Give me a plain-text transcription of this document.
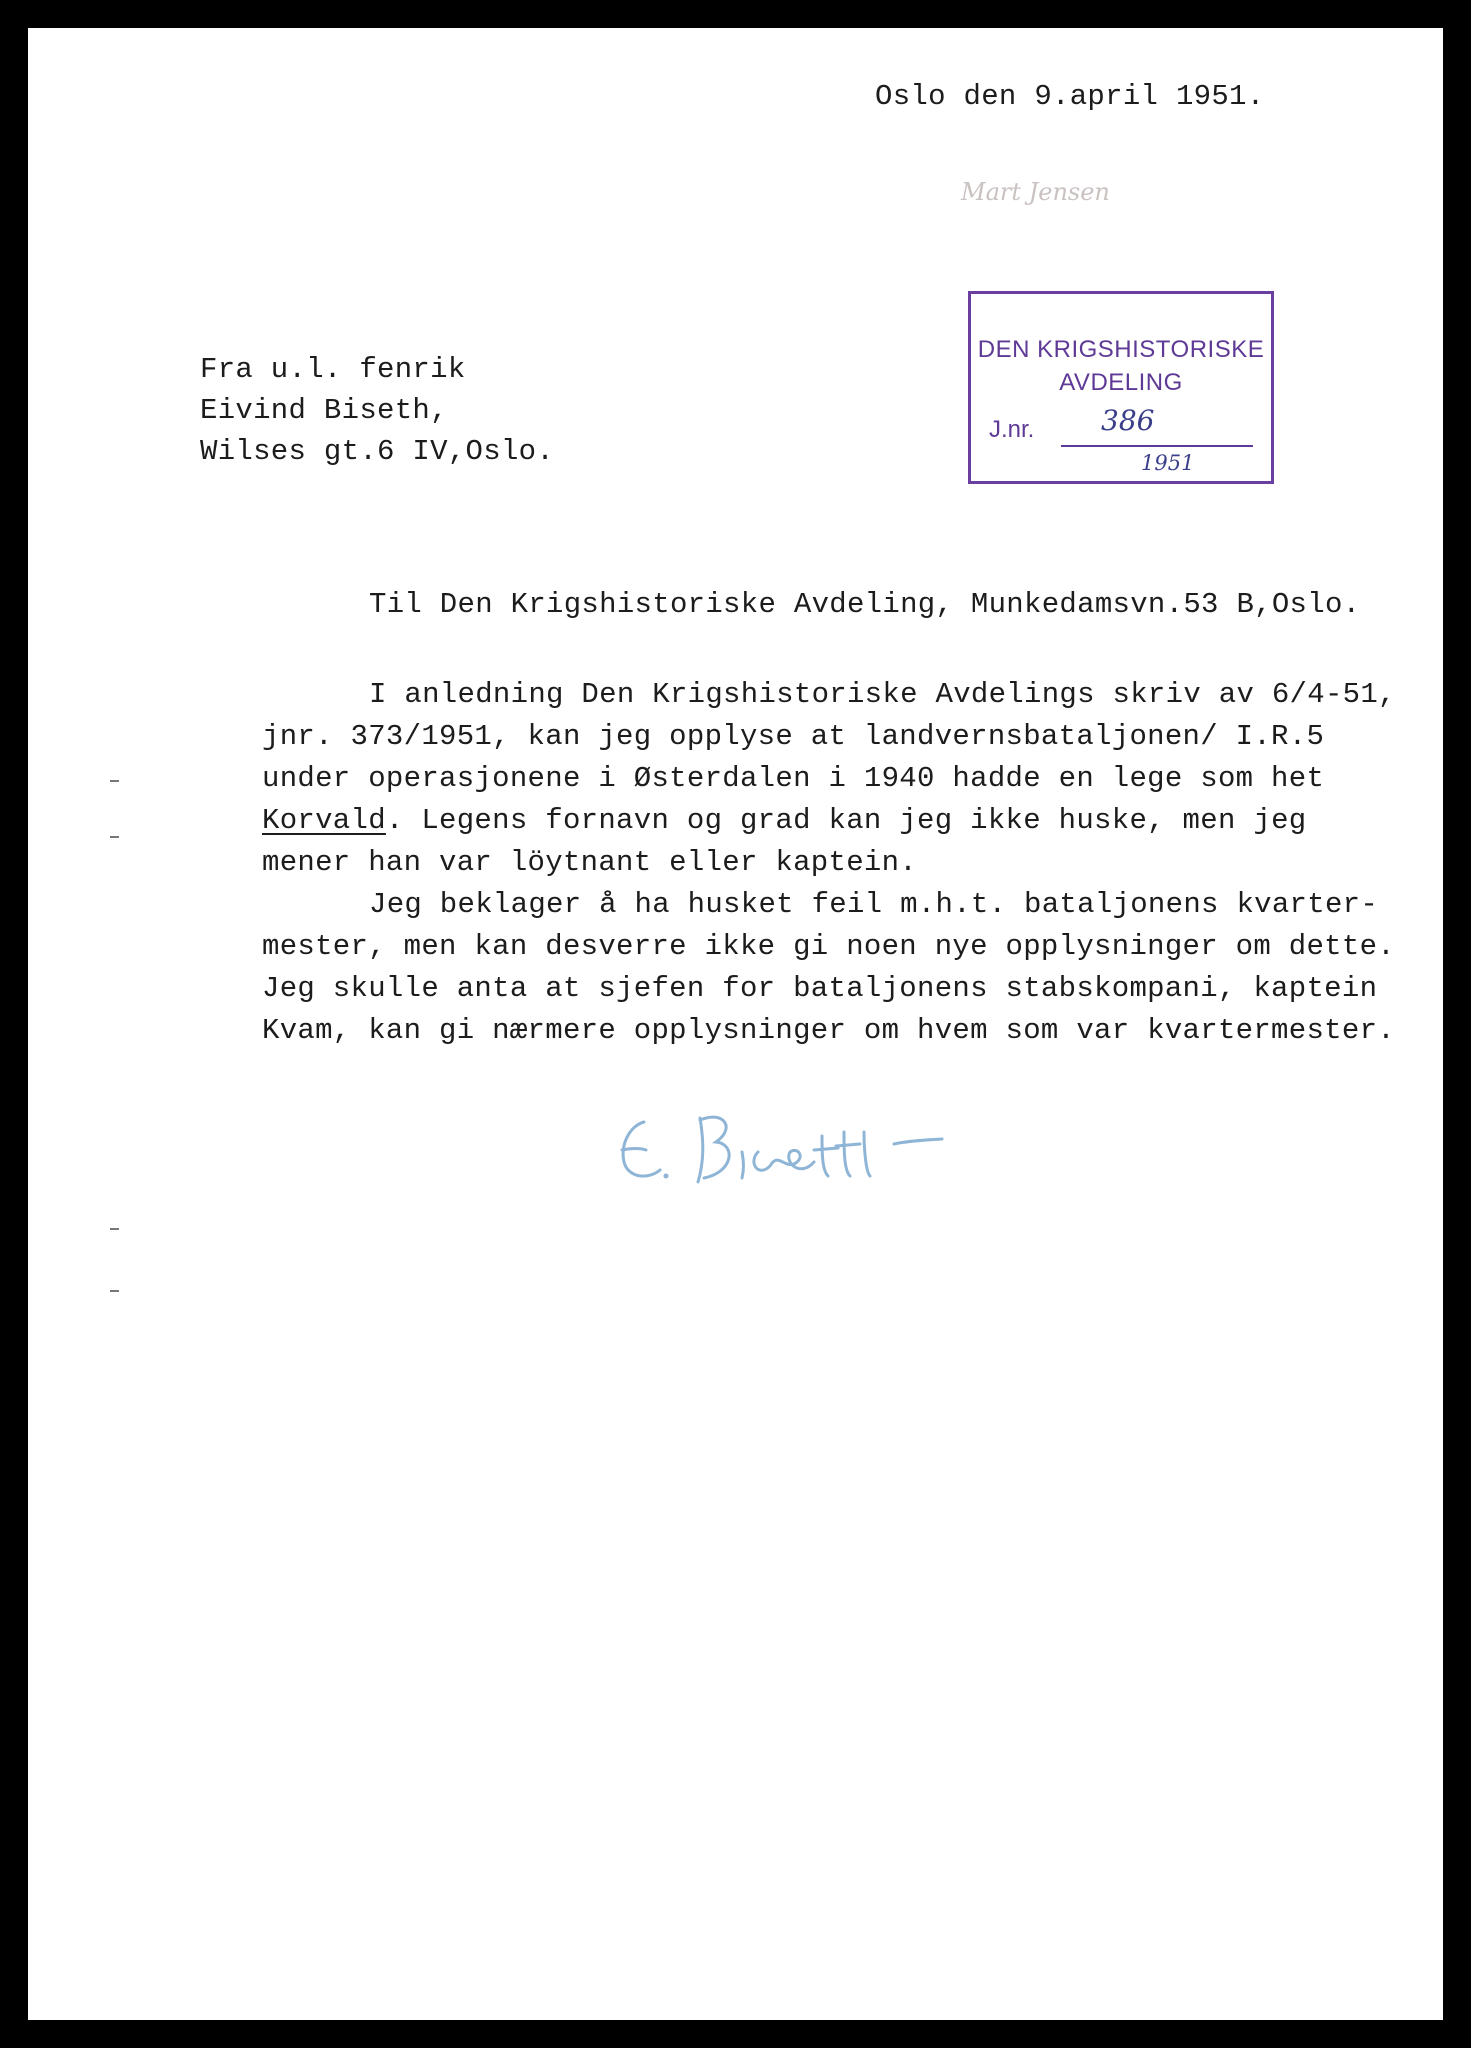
Oslo den 9.april 1951.
Mart Jensen
DEN KRIGSHISTORISKE
AVDELING
J.nr. 386
1951
Fra u.l. fenrik
Eivind Biseth,
Wilses gt.6 IV,Oslo.
Til Den Krigshistoriske Avdeling, Munkedamsvn.53 B,Oslo.
I anledning Den Krigshistoriske Avdelings skriv av 6/4-51,
jnr. 373/1951, kan jeg opplyse at landvernsbataljonen/ I.R.5
under operasjonene i Østerdalen i 1940 hadde en lege som het
Korvald. Legens fornavn og grad kan jeg ikke huske, men jeg
mener han var löytnant eller kaptein.
Jeg beklager å ha husket feil m.h.t. bataljonens kvarter-
mester, men kan desverre ikke gi noen nye opplysninger om dette.
Jeg skulle anta at sjefen for bataljonens stabskompani, kaptein
Kvam, kan gi nærmere opplysninger om hvem som var kvartermester.
